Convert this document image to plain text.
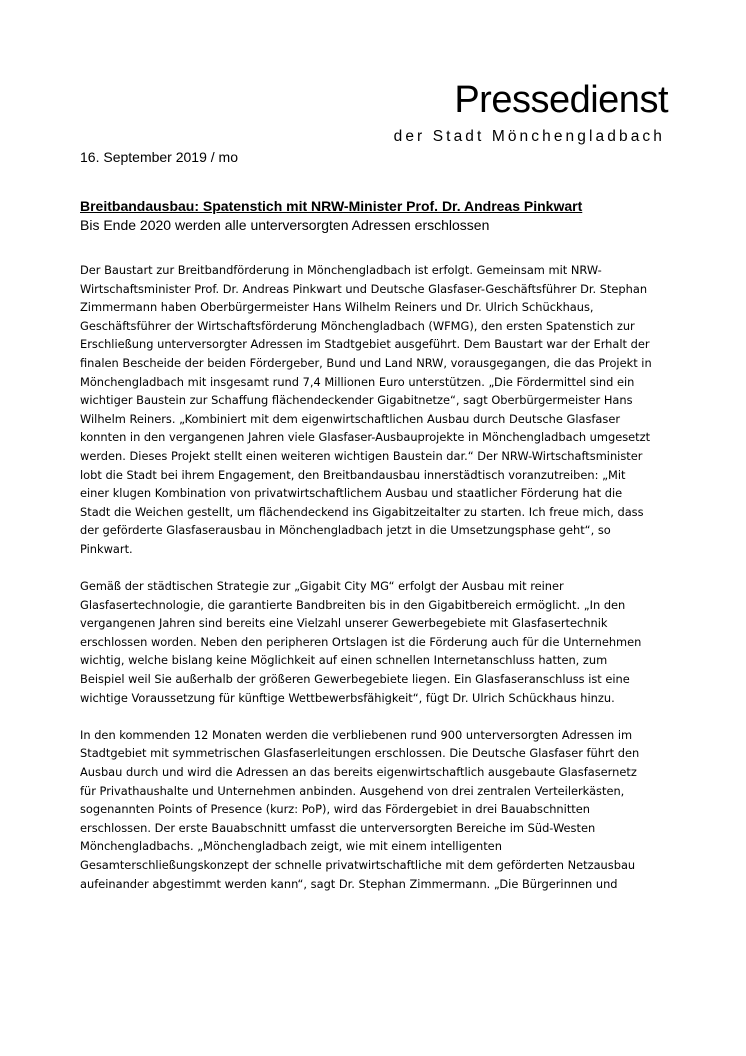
Pressedienst
der Stadt Mönchengladbach
16. September 2019 / mo
Breitbandausbau: Spatenstich mit NRW-Minister Prof. Dr. Andreas Pinkwart
Bis Ende 2020 werden alle unterversorgten Adressen erschlossen

Der Baustart zur Breitbandförderung in Mönchengladbach ist erfolgt. Gemeinsam mit NRW-
Wirtschaftsminister Prof. Dr. Andreas Pinkwart und Deutsche Glasfaser-Geschäftsführer Dr. Stephan
Zimmermann haben Oberbürgermeister Hans Wilhelm Reiners und Dr. Ulrich Schückhaus,
Geschäftsführer der Wirtschaftsförderung Mönchengladbach (WFMG), den ersten Spatenstich zur
Erschließung unterversorgter Adressen im Stadtgebiet ausgeführt. Dem Baustart war der Erhalt der
finalen Bescheide der beiden Fördergeber, Bund und Land NRW, vorausgegangen, die das Projekt in
Mönchengladbach mit insgesamt rund 7,4 Millionen Euro unterstützen. „Die Fördermittel sind ein
wichtiger Baustein zur Schaffung flächendeckender Gigabitnetze“, sagt Oberbürgermeister Hans
Wilhelm Reiners. „Kombiniert mit dem eigenwirtschaftlichen Ausbau durch Deutsche Glasfaser
konnten in den vergangenen Jahren viele Glasfaser-Ausbauprojekte in Mönchengladbach umgesetzt
werden. Dieses Projekt stellt einen weiteren wichtigen Baustein dar.“ Der NRW-Wirtschaftsminister
lobt die Stadt bei ihrem Engagement, den Breitbandausbau innerstädtisch voranzutreiben: „Mit
einer klugen Kombination von privatwirtschaftlichem Ausbau und staatlicher Förderung hat die
Stadt die Weichen gestellt, um flächendeckend ins Gigabitzeitalter zu starten. Ich freue mich, dass
der geförderte Glasfaserausbau in Mönchengladbach jetzt in die Umsetzungsphase geht“, so
Pinkwart.

Gemäß der städtischen Strategie zur „Gigabit City MG“ erfolgt der Ausbau mit reiner
Glasfasertechnologie, die garantierte Bandbreiten bis in den Gigabitbereich ermöglicht. „In den
vergangenen Jahren sind bereits eine Vielzahl unserer Gewerbegebiete mit Glasfasertechnik
erschlossen worden. Neben den peripheren Ortslagen ist die Förderung auch für die Unternehmen
wichtig, welche bislang keine Möglichkeit auf einen schnellen Internetanschluss hatten, zum
Beispiel weil Sie außerhalb der größeren Gewerbegebiete liegen. Ein Glasfaseranschluss ist eine
wichtige Voraussetzung für künftige Wettbewerbsfähigkeit“, fügt Dr. Ulrich Schückhaus hinzu.

In den kommenden 12 Monaten werden die verbliebenen rund 900 unterversorgten Adressen im
Stadtgebiet mit symmetrischen Glasfaserleitungen erschlossen. Die Deutsche Glasfaser führt den
Ausbau durch und wird die Adressen an das bereits eigenwirtschaftlich ausgebaute Glasfasernetz
für Privathaushalte und Unternehmen anbinden. Ausgehend von drei zentralen Verteilerkästen,
sogenannten Points of Presence (kurz: PoP), wird das Fördergebiet in drei Bauabschnitten
erschlossen. Der erste Bauabschnitt umfasst die unterversorgten Bereiche im Süd-Westen
Mönchengladbachs. „Mönchengladbach zeigt, wie mit einem intelligenten
Gesamterschließungskonzept der schnelle privatwirtschaftliche mit dem geförderten Netzausbau
aufeinander abgestimmt werden kann“, sagt Dr. Stephan Zimmermann. „Die Bürgerinnen und
